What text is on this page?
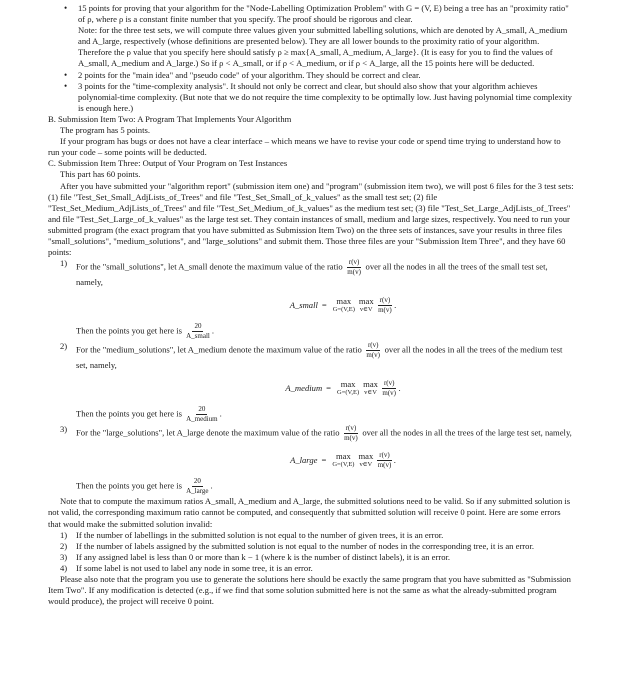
• 15 points for proving that your algorithm for the "Node-Labelling Optimization Problem" with G = (V, E) being a tree has an "proximity ratio" of ρ, where ρ is a constant finite number that you specify. The proof should be rigorous and clear.

Note: for the three test sets, we will compute three values given your submitted labelling solutions, which are denoted by A_small, A_medium and A_large, respectively (whose definitions are presented below). They are all lower bounds to the proximity ratio of your algorithm. Therefore the ρ value that you specify here should satisfy ρ ≥ max{A_small, A_medium, A_large}. (It is easy for you to find the values of A_small, A_medium and A_large.) So if ρ < A_small, or if ρ < A_medium, or if ρ < A_large, all the 15 points here will be deducted.

• 2 points for the "main idea" and "pseudo code" of your algorithm. They should be correct and clear.

• 3 points for the "time-complexity analysis". It should not only be correct and clear, but should also show that your algorithm achieves polynomial-time complexity. (But note that we do not require the time complexity to be optimally low. Just having polynomial time complexity is enough here.)

B. Submission Item Two: A Program That Implements Your Algorithm

The program has 5 points.

If your program has bugs or does not have a clear interface – which means we have to revise your code or spend time trying to understand how to run your code – some points will be deducted.

C. Submission Item Three: Output of Your Program on Test Instances

This part has 60 points.

After you have submitted your "algorithm report" (submission item one) and "program" (submission item two), we will post 6 files for the 3 test sets: (1) file "Test_Set_Small_AdjLists_of_Trees" and file "Test_Set_Small_of_k_values" as the small test set; (2) file "Test_Set_Medium_AdjLists_of_Trees" and file "Test_Set_Medium_of_k_values" as the medium test set; (3) file "Test_Set_Large_AdjLists_of_Trees" and file "Test_Set_Large_of_k_values" as the large test set. They contain instances of small, medium and large sizes, respectively. You need to run your submitted program (the exact program that you have submitted as Submission Item Two) on the three sets of instances, save your results in three files "small_solutions", "medium_solutions", and "large_solutions" and submit them. Those three files are your "Submission Item Three", and they have 60 points:

1) For the "small_solutions", let A_small denote the maximum value of the ratio $\frac{r(v)}{m(v)}$ over all the nodes in all the trees of the small test set, namely,

A_small = max
G=(V,E)
max
v∈V $\frac{r(v)}{m(v)}$ .

Then the points you get here is $\frac{20}{\text{A\_small}}$ .

2) For the "medium_solutions", let A_medium denote the maximum value of the ratio $\frac{r(v)}{m(v)}$ over all the nodes in all the trees of the medium test set, namely,

A_medium = max
G=(V,E)
max
v∈V $\frac{r(v)}{m(v)}$ .

Then the points you get here is $\frac{20}{\text{A\_medium}}$ .

3) For the "large_solutions", let A_large denote the maximum value of the ratio $\frac{r(v)}{m(v)}$ over all the nodes in all the trees of the large test set, namely,

A_large = max
G=(V,E)
max
v∈V $\frac{r(v)}{m(v)}$ .

Then the points you get here is $\frac{20}{\text{A\_large}}$ .

Note that to compute the maximum ratios A_small, A_medium and A_large, the submitted solutions need to be valid. So if any submitted solution is not valid, the corresponding maximum ratio cannot be computed, and consequently that submitted solution will receive 0 point. Here are some errors that would make the submitted solution invalid:

1) If the number of labellings in the submitted solution is not equal to the number of given trees, it is an error.

2) If the number of labels assigned by the submitted solution is not equal to the number of nodes in the corresponding tree, it is an error.

3) If any assigned label is less than 0 or more than k − 1 (where k is the number of distinct labels), it is an error.

4) If some label is not used to label any node in some tree, it is an error.

Please also note that the program you use to generate the solutions here should be exactly the same program that you have submitted as "Submission Item Two". If any modification is detected (e.g., if we find that some solution submitted here is not the same as what the already-submitted program would produce), the project will receive 0 point.
